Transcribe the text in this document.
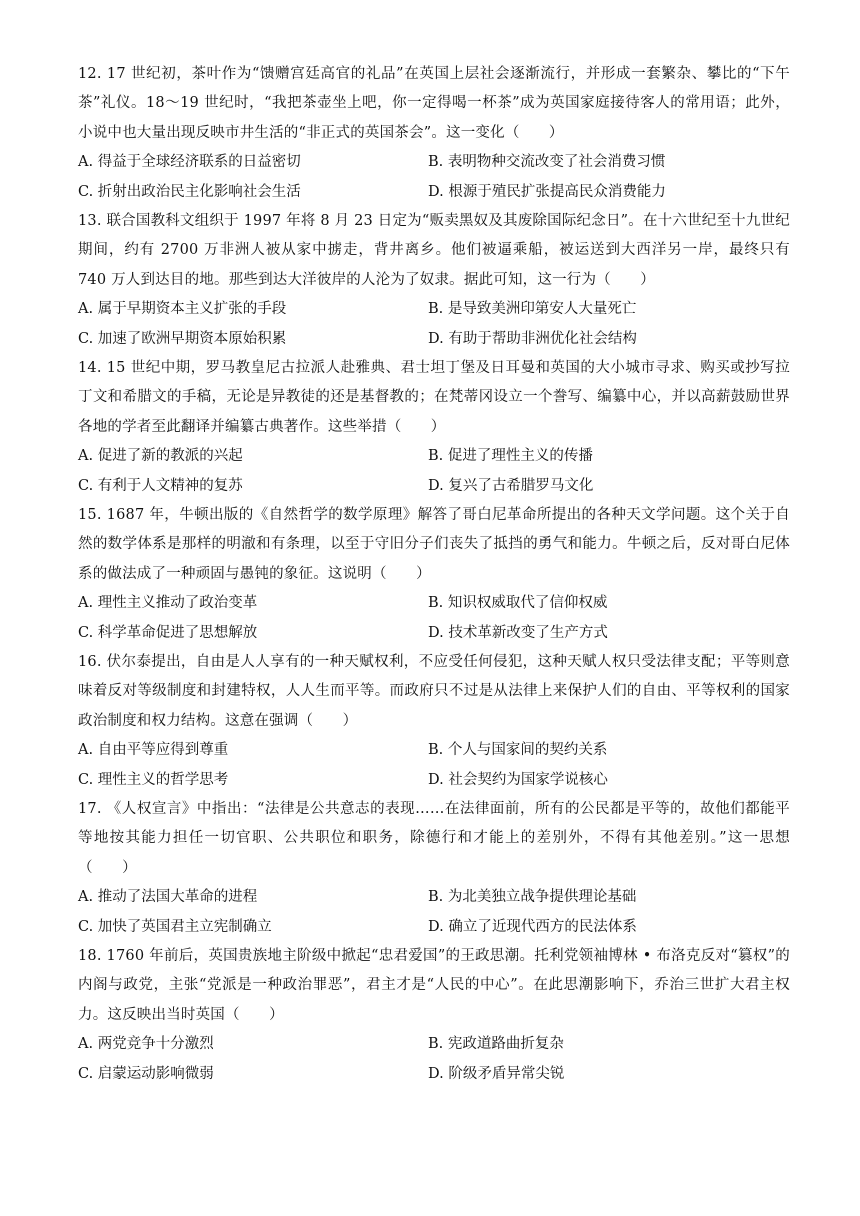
12. 17 世纪初，茶叶作为“馈赠宫廷高官的礼品”在英国上层社会逐渐流行，并形成一套繁杂、攀比的“下午茶”礼仪。18～19 世纪时，“我把茶壶坐上吧，你一定得喝一杯茶”成为英国家庭接待客人的常用语；此外，小说中也大量出现反映市井生活的“非正式的英国茶会”。这一变化（　　）

A. 得益于全球经济联系的日益密切	B. 表明物种交流改变了社会消费习惯
C. 折射出政治民主化影响社会生活	D. 根源于殖民扩张提高民众消费能力

13. 联合国教科文组织于 1997 年将 8 月 23 日定为“贩卖黑奴及其废除国际纪念日”。在十六世纪至十九世纪期间，约有 2700 万非洲人被从家中掳走，背井离乡。他们被逼乘船，被运送到大西洋另一岸，最终只有 740 万人到达目的地。那些到达大洋彼岸的人沦为了奴隶。据此可知，这一行为（　　）

A. 属于早期资本主义扩张的手段	B. 是导致美洲印第安人大量死亡
C. 加速了欧洲早期资本原始积累	D. 有助于帮助非洲优化社会结构

14. 15 世纪中期，罗马教皇尼古拉派人赴雅典、君士坦丁堡及日耳曼和英国的大小城市寻求、购买或抄写拉丁文和希腊文的手稿，无论是异教徒的还是基督教的；在梵蒂冈设立一个誊写、编纂中心，并以高薪鼓励世界各地的学者至此翻译并编纂古典著作。这些举措（　　）

A. 促进了新的教派的兴起	B. 促进了理性主义的传播
C. 有利于人文精神的复苏	D. 复兴了古希腊罗马文化

15. 1687 年，牛顿出版的《自然哲学的数学原理》解答了哥白尼革命所提出的各种天文学问题。这个关于自然的数学体系是那样的明澈和有条理，以至于守旧分子们丧失了抵挡的勇气和能力。牛顿之后，反对哥白尼体系的做法成了一种顽固与愚钝的象征。这说明（　　）

A. 理性主义推动了政治变革	B. 知识权威取代了信仰权威
C. 科学革命促进了思想解放	D. 技术革新改变了生产方式

16. 伏尔泰提出，自由是人人享有的一种天赋权利，不应受任何侵犯，这种天赋人权只受法律支配；平等则意味着反对等级制度和封建特权，人人生而平等。而政府只不过是从法律上来保护人们的自由、平等权利的国家政治制度和权力结构。这意在强调（　　）

A. 自由平等应得到尊重	B. 个人与国家间的契约关系
C. 理性主义的哲学思考	D. 社会契约为国家学说核心

17. 《人权宣言》中指出：“法律是公共意志的表现……在法律面前，所有的公民都是平等的，故他们都能平等地按其能力担任一切官职、公共职位和职务，除德行和才能上的差别外，不得有其他差别。”这一思想（　　）

A. 推动了法国大革命的进程	B. 为北美独立战争提供理论基础
C. 加快了英国君主立宪制确立	D. 确立了近现代西方的民法体系

18. 1760 年前后，英国贵族地主阶级中掀起“忠君爱国”的王政思潮。托利党领袖博林 • 布洛克反对“篡权”的内阁与政党，主张“党派是一种政治罪恶”，君主才是“人民的中心”。在此思潮影响下，乔治三世扩大君主权力。这反映出当时英国（　　）

A. 两党竞争十分激烈	B. 宪政道路曲折复杂
C. 启蒙运动影响微弱	D. 阶级矛盾异常尖锐
